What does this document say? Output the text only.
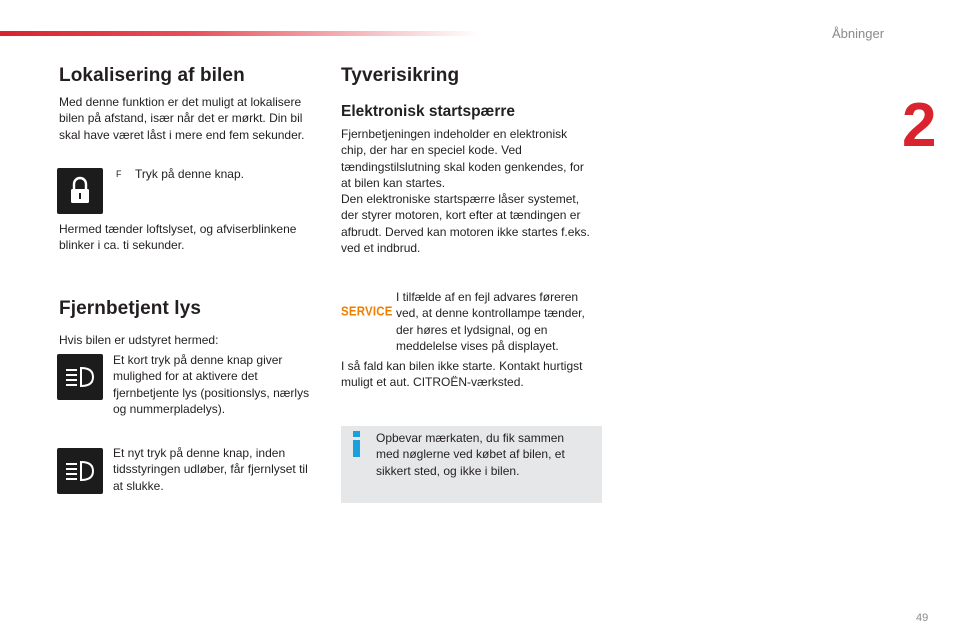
Åbninger
2
Lokalisering af bilen
Med denne funktion er det muligt at lokalisere
bilen på afstand, især når det er mørkt. Din bil
skal have været låst i mere end fem sekunder.
F Tryk på denne knap.
Hermed tænder loftslyset, og afviserblinkene
blinker i ca. ti sekunder.
Fjernbetjent lys
Hvis bilen er udstyret hermed:
Et kort tryk på denne knap giver
mulighed for at aktivere det
fjernbetjente lys (positionslys, nærlys
og nummerpladelys).
Et nyt tryk på denne knap, inden
tidsstyringen udløber, får fjernlyset til
at slukke.
Tyverisikring
Elektronisk startspærre
Fjernbetjeningen indeholder en elektronisk
chip, der har en speciel kode. Ved
tændingstilslutning skal koden genkendes, for
at bilen kan startes.
Den elektroniske startspærre låser systemet,
der styrer motoren, kort efter at tændingen er
afbrudt. Derved kan motoren ikke startes f.eks.
ved et indbrud.
SERVICE
I tilfælde af en fejl advares føreren
ved, at denne kontrollampe tænder,
der høres et lydsignal, og en
meddelelse vises på displayet.
I så fald kan bilen ikke starte. Kontakt hurtigst
muligt et aut. CITROËN-værksted.
Opbevar mærkaten, du fik sammen
med nøglerne ved købet af bilen, et
sikkert sted, og ikke i bilen.
49
